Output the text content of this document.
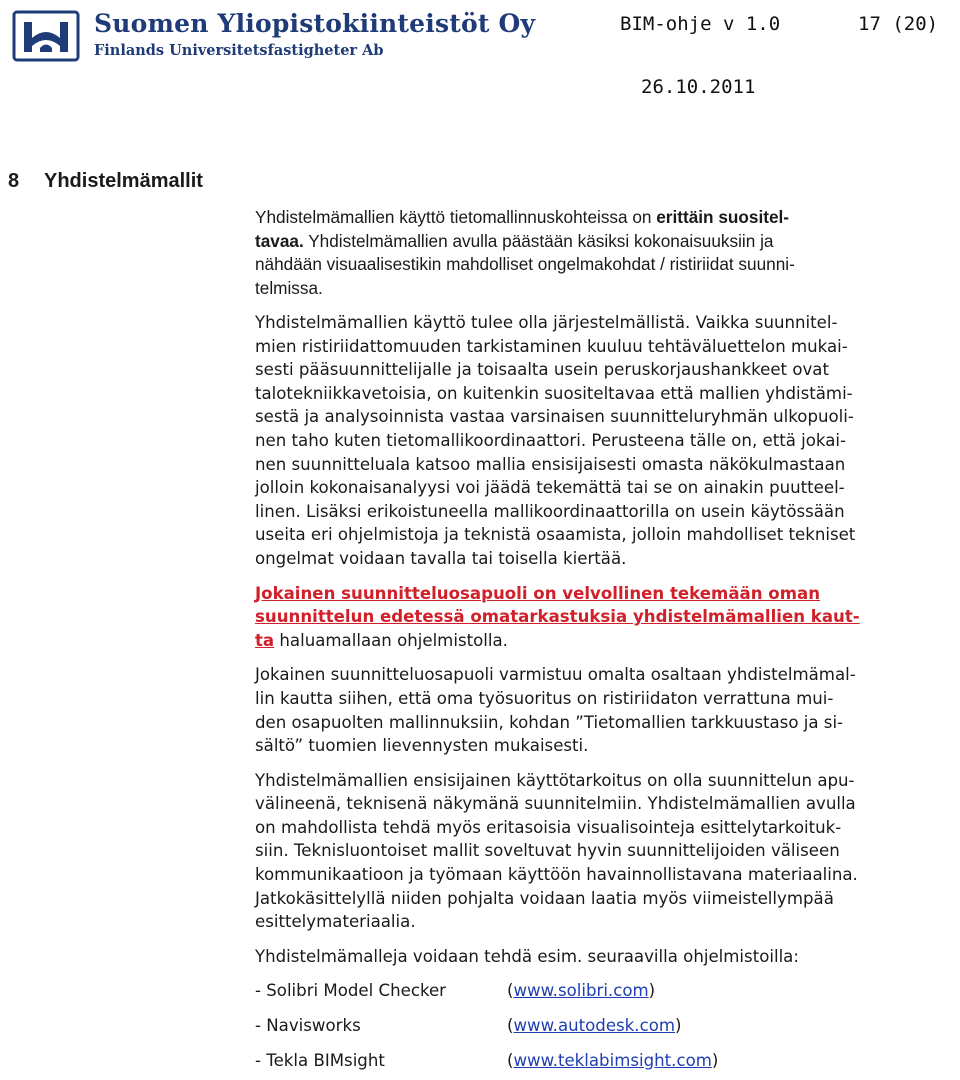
Suomen Yliopistokiinteistöt Oy
Finlands Universitetsfastigheter Ab
BIM-ohje v 1.0	17 (20)
26.10.2011
8 Yhdistelmämallit

Yhdistelmämallien käyttö tietomallinnuskohteissa on erittäin suositel-
tavaa. Yhdistelmämallien avulla päästään käsiksi kokonaisuuksiin ja
nähdään visuaalisestikin mahdolliset ongelmakohdat / ristiriidat suunni-
telmissa.

Yhdistelmämallien käyttö tulee olla järjestelmällistä. Vaikka suunnitel-
mien ristiriidattomuuden tarkistaminen kuuluu tehtäväluettelon mukai-
sesti pääsuunnittelijalle ja toisaalta usein peruskorjaushankkeet ovat
talotekniikkavetoisia, on kuitenkin suositeltavaa että mallien yhdistämi-
sestä ja analysoinnista vastaa varsinaisen suunnitteluryhmän ulkopuoli-
nen taho kuten tietomallikoordinaattori. Perusteena tälle on, että jokai-
nen suunnitteluala katsoo mallia ensisijaisesti omasta näkökulmastaan
jolloin kokonaisanalyysi voi jäädä tekemättä tai se on ainakin puutteel-
linen. Lisäksi erikoistuneella mallikoordinaattorilla on usein käytössään
useita eri ohjelmistoja ja teknistä osaamista, jolloin mahdolliset tekniset
ongelmat voidaan tavalla tai toisella kiertää.

Jokainen suunnitteluosapuoli on velvollinen tekemään oman
suunnittelun edetessä omatarkastuksia yhdistelmämallien kaut-
ta haluamallaan ohjelmistolla.

Jokainen suunnitteluosapuoli varmistuu omalta osaltaan yhdistelmämal-
lin kautta siihen, että oma työsuoritus on ristiriidaton verrattuna mui-
den osapuolten mallinnuksiin, kohdan ”Tietomallien tarkkuustaso ja si-
sältö” tuomien lievennysten mukaisesti.

Yhdistelmämallien ensisijainen käyttötarkoitus on olla suunnittelun apu-
välineenä, teknisenä näkymänä suunnitelmiin. Yhdistelmämallien avulla
on mahdollista tehdä myös eritasoisia visualisointeja esittelytarkoituk-
siin. Teknisluontoiset mallit soveltuvat hyvin suunnittelijoiden väliseen
kommunikaatioon ja työmaan käyttöön havainnollistavana materiaalina.
Jatkokäsittelyllä niiden pohjalta voidaan laatia myös viimeistellympää
esittelymateriaalia.

Yhdistelmämalleja voidaan tehdä esim. seuraavilla ohjelmistoilla:

- Solibri Model Checker	(www.solibri.com)
- Navisworks	(www.autodesk.com)
- Tekla BIMsight	(www.teklabimsight.com)
